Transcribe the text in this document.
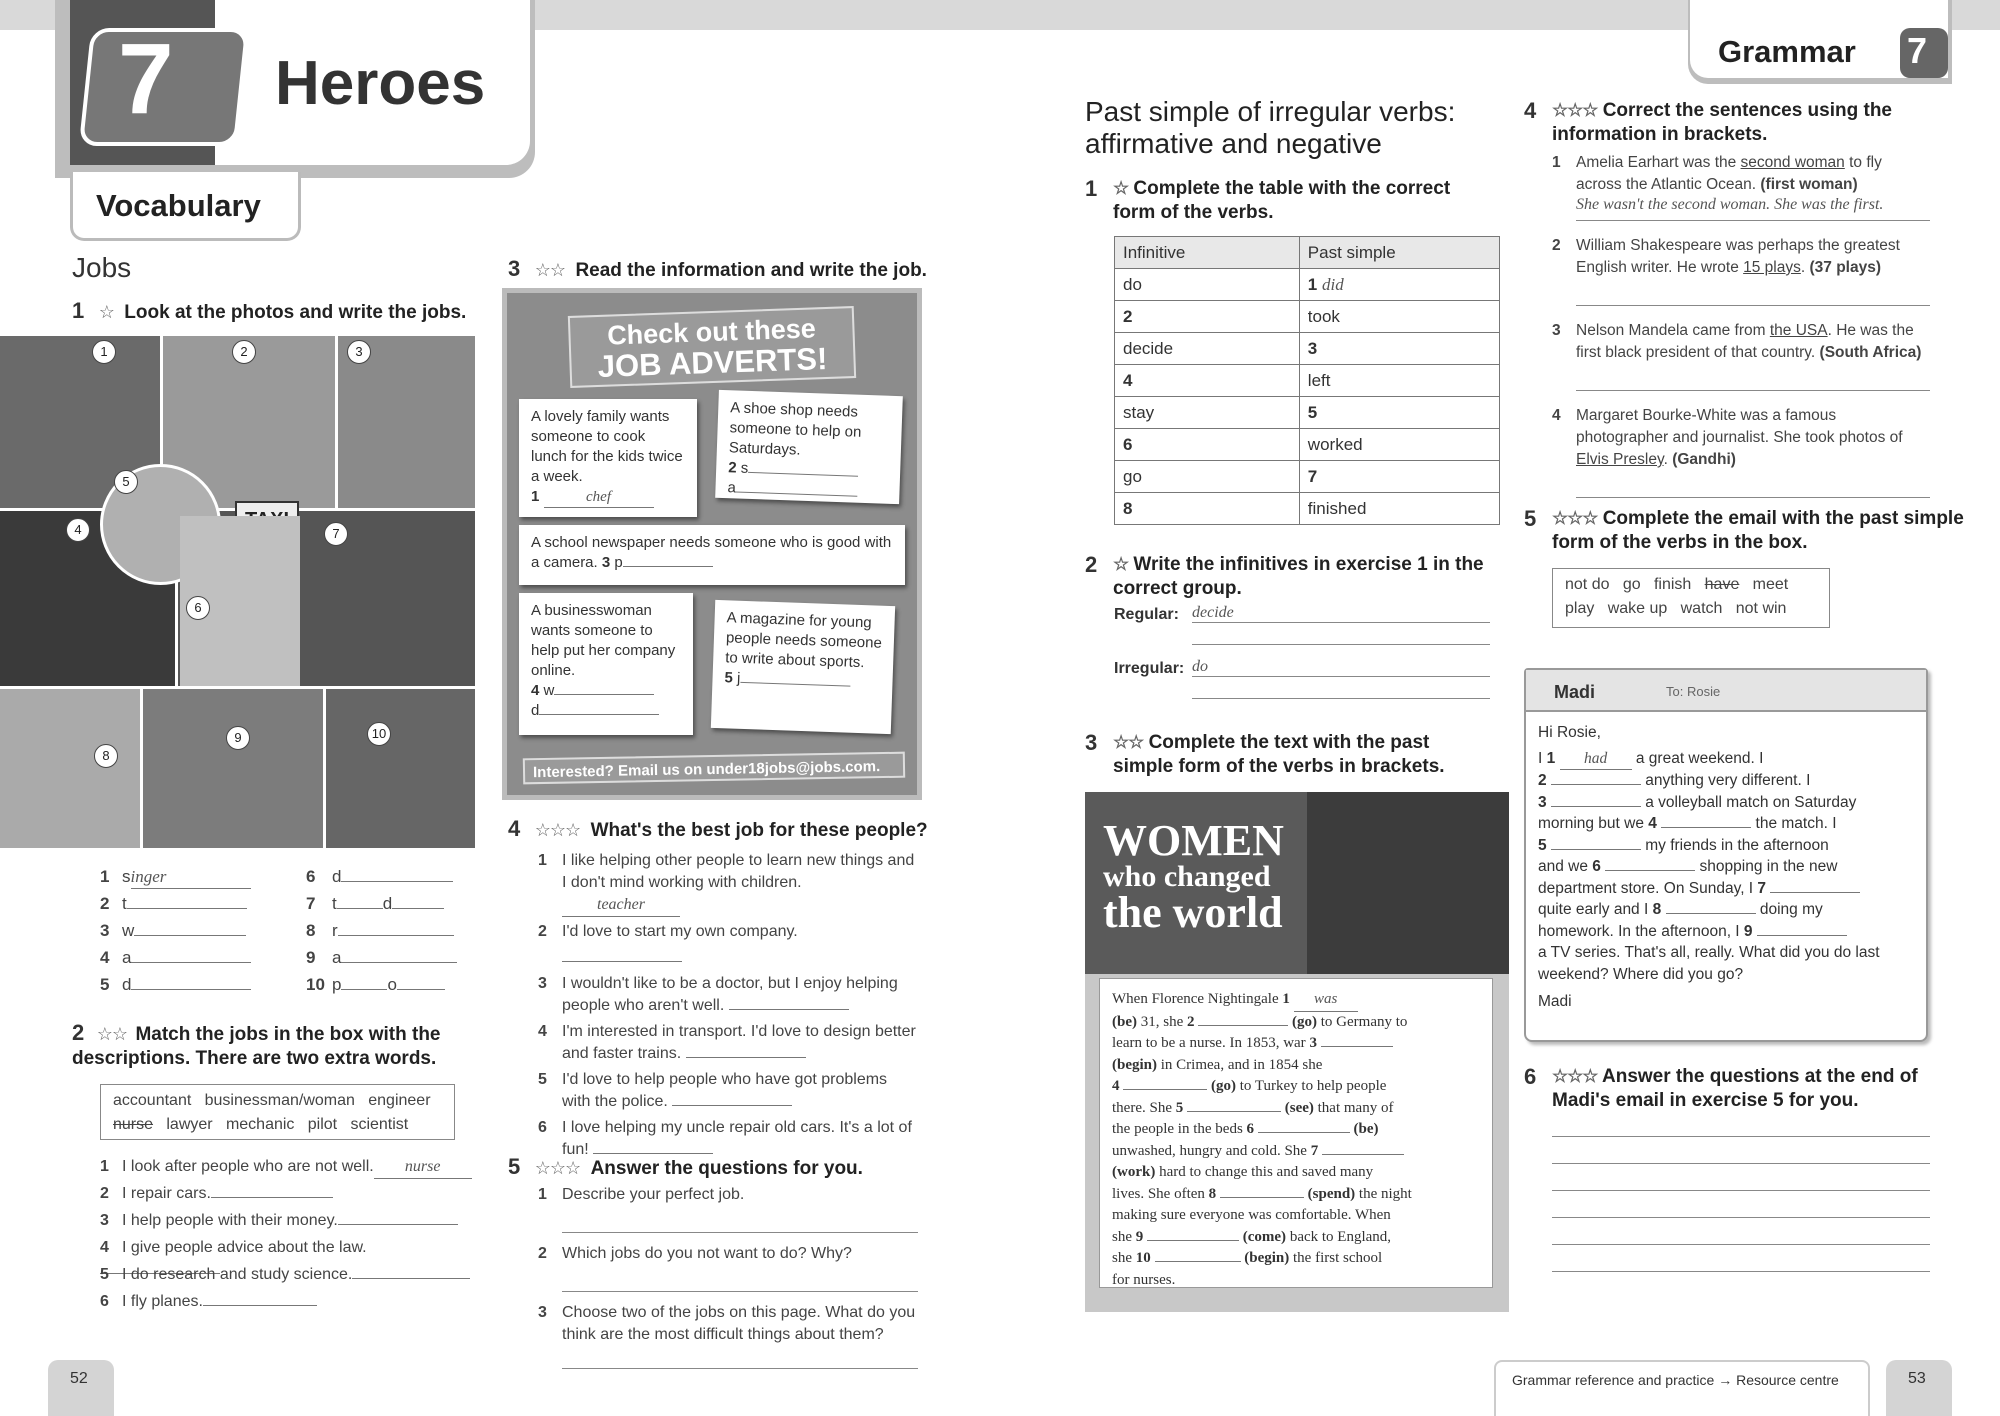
7 Heroes
Vocabulary
Grammar 7
Jobs
1 ☆ Look at the photos and write the jobs.
1	2	3
4
5
6
7
8
9	10
1 singer
2 t
3 w
4 a
5 d
6 d
7 t	d
8 r
9 a
10 p	o
2 ☆☆ Match the jobs in the box with the descriptions. There are two extra words.
accountant   businessman/woman   engineer
nurse   lawyer   mechanic   pilot   scientist
1 I look after people who are not well. nurse
2 I repair cars.
3 I help people with their money.
4 I give people advice about the law.
5 I do research and study science.
6 I fly planes.
3 ☆☆ Read the information and write the job.
Check out these
JOB ADVERTS!
A lovely family wants someone to cook lunch for the kids twice a week.
1	chef
A shoe shop needs someone to help on Saturdays.
2 s
a
A school newspaper needs someone who is good with a camera. 3 p
A businesswoman wants someone to help put her company online.
4 w
d
A magazine for young people needs someone to write about sports.
5 j
Interested? Email us on under18jobs@jobs.com.
4 ☆☆☆ What's the best job for these people?
1 I like helping other people to learn new things and I don't mind working with children. teacher
2 I'd love to start my own company.

3 I wouldn't like to be a doctor, but I enjoy helping people who aren't well.
4 I'm interested in transport. I'd love to design better and faster trains.
5 I'd love to help people who have got problems with the police.
6 I love helping my uncle repair old cars. It's a lot of fun!
5 ☆☆☆ Answer the questions for you.
1 Describe your perfect job.
2 Which jobs do you not want to do? Why?
3 Choose two of the jobs on this page. What do you think are the most difficult things about them?
52
Past simple of irregular verbs:
affirmative and negative
1 ☆ Complete the table with the correct form of the verbs.
Infinitive	Past simple
do	1 did
2	took
decide	3
4	left
stay	5
6	worked
go	7
8	finished
2 ☆ Write the infinitives in exercise 1 in the correct group.
Regular: decide
Irregular: do
3 ☆☆ Complete the text with the past simple form of the verbs in brackets.
WOMEN
who changed
the world
When Florence Nightingale 1 was
(be) 31, she 2	(go) to Germany to
learn to be a nurse. In 1853, war 3
(begin) in Crimea, and in 1854 she
4	(go) to Turkey to help people
there. She 5	(see) that many of
the people in the beds 6	(be)
unwashed, hungry and cold. She 7
(work) hard to change this and saved many
lives. She often 8	(spend) the night
making sure everyone was comfortable. When
she 9	(come) back to England,
she 10	(begin) the first school
for nurses.
4 ☆☆☆ Correct the sentences using the information in brackets.
1 Amelia Earhart was the second woman to fly across the Atlantic Ocean. (first woman)
She wasn't the second woman. She was the first.
2 William Shakespeare was perhaps the greatest English writer. He wrote 15 plays. (37 plays)
3 Nelson Mandela came from the USA. He was the first black president of that country. (South Africa)
4 Margaret Bourke-White was a famous photographer and journalist. She took photos of Elvis Presley. (Gandhi)
5 ☆☆☆ Complete the email with the past simple form of the verbs in the box.
not do   go   finish   have   meet
play   wake up   watch   not win
Madi	To: Rosie
Hi Rosie,
I 1 had a great weekend. I
2	anything very different. I
3	a volleyball match on Saturday
morning but we 4	the match. I
5	my friends in the afternoon
and we 6	shopping in the new
department store. On Sunday, I 7
quite early and I 8	doing my
homework. In the afternoon, I 9
a TV series. That's all, really. What did you do last
weekend? Where did you go?
Madi
6 ☆☆☆ Answer the questions at the end of Madi's email in exercise 5 for you.
Grammar reference and practice → Resource centre	53
